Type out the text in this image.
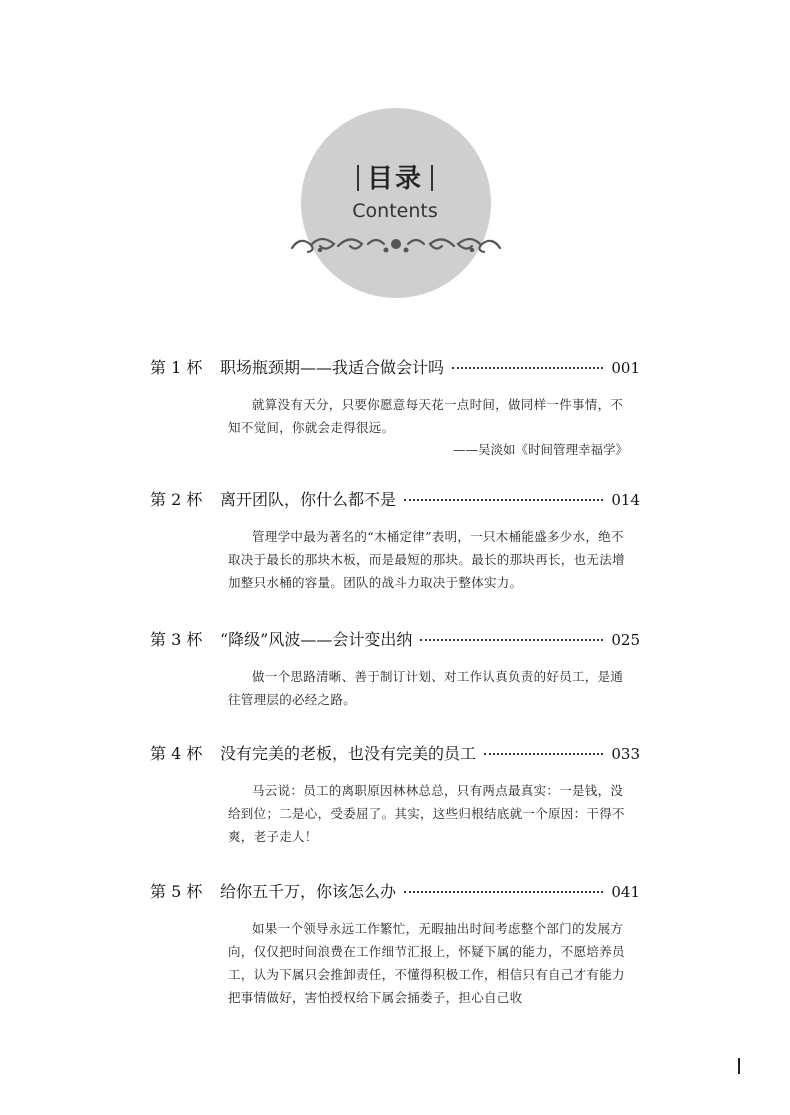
目录
Contents
第 1 杯	职场瓶颈期——我适合做会计吗	001
就算没有天分，只要你愿意每天花一点时间，做同样一件事情，不知不觉间，你就会走得很远。
——吴淡如《时间管理幸福学》
第 2 杯	离开团队，你什么都不是	014
管理学中最为著名的“木桶定律”表明，一只木桶能盛多少水，绝不取决于最长的那块木板，而是最短的那块。最长的那块再长，也无法增加整只水桶的容量。团队的战斗力取决于整体实力。
第 3 杯	“降级”风波——会计变出纳	025
做一个思路清晰、善于制订计划、对工作认真负责的好员工，是通往管理层的必经之路。
第 4 杯	没有完美的老板，也没有完美的员工	033
马云说：员工的离职原因林林总总，只有两点最真实：一是钱，没给到位；二是心，受委屈了。其实，这些归根结底就一个原因：干得不爽，老子走人！
第 5 杯	给你五千万，你该怎么办	041
如果一个领导永远工作繁忙，无暇抽出时间考虑整个部门的发展方向，仅仅把时间浪费在工作细节汇报上，怀疑下属的能力，不愿培养员工，认为下属只会推卸责任，不懂得积极工作，相信只有自己才有能力把事情做好，害怕授权给下属会捅娄子，担心自己收
